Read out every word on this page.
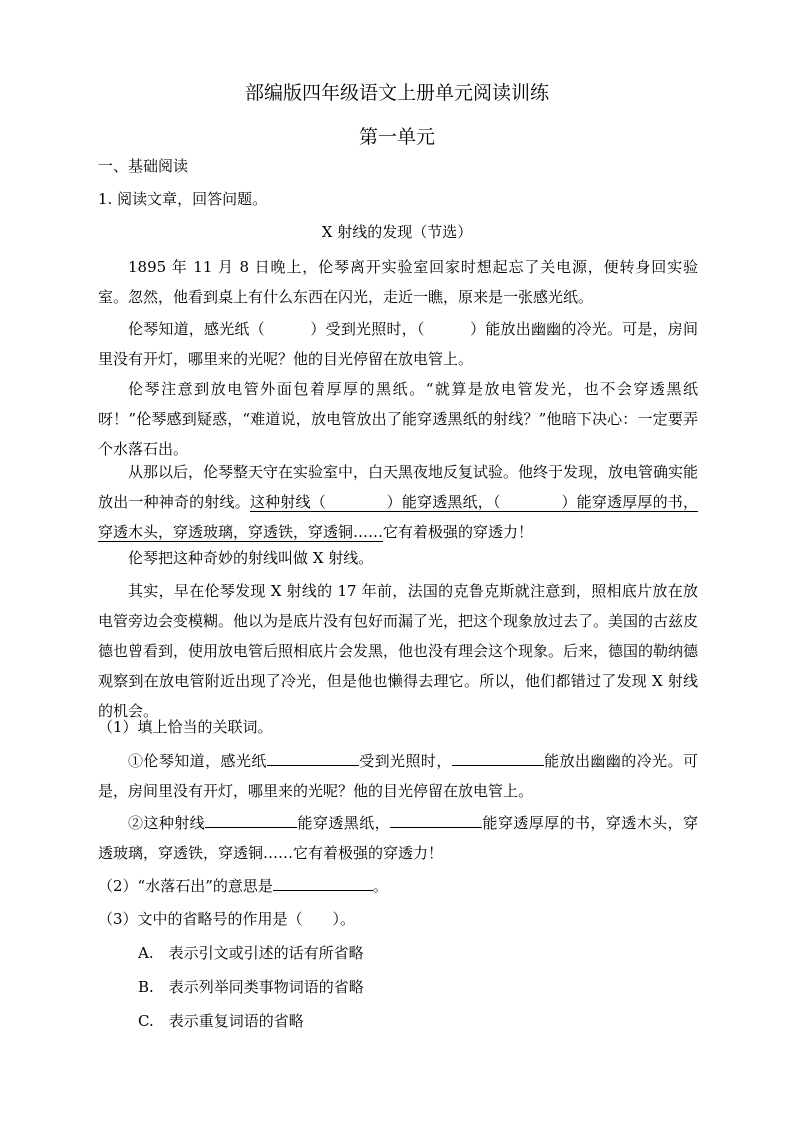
部编版四年级语文上册单元阅读训练
第一单元
一、基础阅读
1. 阅读文章，回答问题。
X 射线的发现（节选）
1895 年 11 月 8 日晚上，伦琴离开实验室回家时想起忘了关电源，便转身回实验室。忽然，他看到桌上有什么东西在闪光，走近一瞧，原来是一张感光纸。
伦琴知道，感光纸（　　　）受到光照时，（　　　）能放出幽幽的冷光。可是，房间里没有开灯，哪里来的光呢？他的目光停留在放电管上。
伦琴注意到放电管外面包着厚厚的黑纸。“就算是放电管发光，也不会穿透黑纸呀！”伦琴感到疑惑，“难道说，放电管放出了能穿透黑纸的射线？”他暗下决心：一定要弄个水落石出。
从那以后，伦琴整天守在实验室中，白天黑夜地反复试验。他终于发现，放电管确实能放出一种神奇的射线。这种射线（　　　　）能穿透黑纸，（　　　　）能穿透厚厚的书，穿透木头，穿透玻璃，穿透铁，穿透铜……它有着极强的穿透力！
伦琴把这种奇妙的射线叫做 X 射线。
其实，早在伦琴发现 X 射线的 17 年前，法国的克鲁克斯就注意到，照相底片放在放电管旁边会变模糊。他以为是底片没有包好而漏了光，把这个现象放过去了。美国的古兹皮德也曾看到，使用放电管后照相底片会发黑，他也没有理会这个现象。后来，德国的勒纳德观察到在放电管附近出现了冷光，但是他也懒得去理它。所以，他们都错过了发现 X 射线的机会。
（1）填上恰当的关联词。
①伦琴知道，感光纸	受到光照时，	能放出幽幽的冷光。可是，房间里没有开灯，哪里来的光呢？他的目光停留在放电管上。
②这种射线	能穿透黑纸，	能穿透厚厚的书，穿透木头，穿透玻璃，穿透铁，穿透铜……它有着极强的穿透力！
（2）“水落石出”的意思是	。
（3）文中的省略号的作用是（　　）。
A.　表示引文或引述的话有所省略
B.　表示列举同类事物词语的省略
C.　表示重复词语的省略
